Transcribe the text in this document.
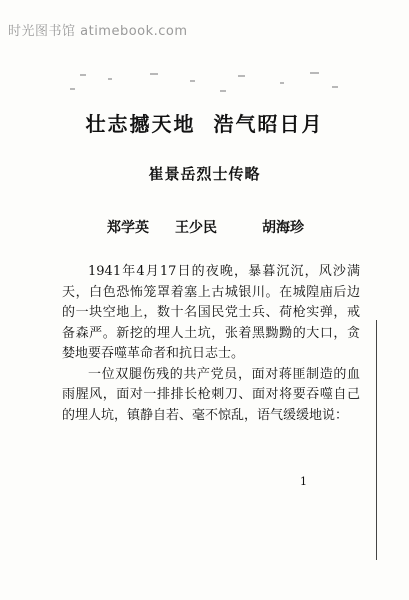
时光图书馆 atimebook.com
壮志撼天地 浩气昭日月
崔景岳烈士传略
郑学英 王少民	胡海珍

1941年4月17日的夜晚，暴暮沉沉，风沙满天，白色恐怖笼罩着塞上古城银川。在城隍庙后边的一块空地上，数十名国民党士兵、荷枪实弹，戒备森严。新挖的埋人土坑，张着黑黝黝的大口，贪婪地要吞噬革命者和抗日志士。

一位双腿伤残的共产党员，面对蒋匪制造的血雨腥风，面对一排排长枪刺刀、面对将要吞噬自己的埋人坑，镇静自若、毫不惊乱，语气缓缓地说：

1
